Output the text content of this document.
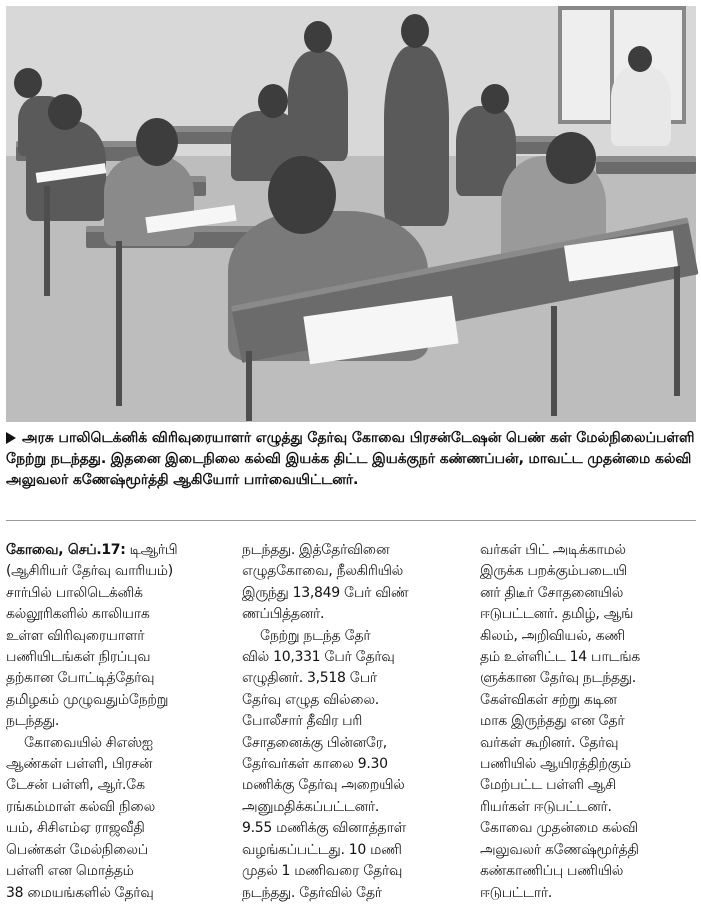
அரசு பாலிடெக்னிக் விரிவுரையாளர் எழுத்து தேர்வு கோவை பிரசன்டேஷன் பெண் கள் மேல்நிலைப்பள்ளி நேற்று நடந்தது. இதனை இடைநிலை கல்வி இயக்க திட்ட இயக்குநர் கண்ணப்பன், மாவட்ட முதன்மை கல்வி அலுவலர் கணேஷ்மூர்த்தி ஆகியோர் பார்வையிட்டனர்.
கோவை, செப்.17: டிஆர்பி
(ஆசிரியர் தேர்வு வாரியம்)
சார்பில் பாலிடெக்னிக்
கல்லூரிகளில் காலியாக
உள்ள விரிவுரையாளர்
பணியிடங்கள் நிரப்புவ
தற்கான போட்டித்தேர்வு
தமிழகம் முழுவதும்நேற்று
நடந்தது.
கோவையில் சிஎஸ்ஐ
ஆண்கள் பள்ளி, பிரசன்
டேசன் பள்ளி, ஆர்.கே
ரங்கம்மாள் கல்வி நிலை
யம், சிசிஎம்ஏ ராஜவீதி
பெண்கள் மேல்நிலைப்
பள்ளி என மொத்தம்
38 மையங்களில் தேர்வு
நடந்தது. இத்தேர்வினை
எழுதகோவை, நீலகிரியில்
இருந்து 13,849 பேர் விண்
ணப்பித்தனர்.
நேற்று நடந்த தேர்
வில் 10,331 பேர் தேர்வு
எழுதினர். 3,518 பேர்
தேர்வு எழுத வில்லை.
போலீசார் தீவிர பரி
சோதனைக்கு பின்னரே,
தேர்வர்கள் காலை 9.30
மணிக்கு தேர்வு அறையில்
அனுமதிக்கப்பட்டனர்.
9.55 மணிக்கு வினாத்தாள்
வழங்கப்பட்டது. 10 மணி
முதல் 1 மணிவரை தேர்வு
நடந்தது. தேர்வில் தேர்
வர்கள் பிட் அடிக்காமல்
இருக்க பறக்கும்படையி
னர் திடீர் சோதனையில்
ஈடுபட்டனர். தமிழ், ஆங்
கிலம், அறிவியல், கணி
தம் உள்ளிட்ட 14 பாடங்க
ளுக்கான தேர்வு நடந்தது.
கேள்விகள் சற்று கடின
மாக இருந்தது என தேர்
வர்கள் கூறினர். தேர்வு
பணியில் ஆயிரத்திற்கும்
மேற்பட்ட பள்ளி ஆசி
ரியர்கள் ஈடுபட்டனர்.
கோவை முதன்மை கல்வி
அலுவலர் கணேஷ்மூர்த்தி
கண்காணிப்பு பணியில்
ஈடுபட்டார்.
